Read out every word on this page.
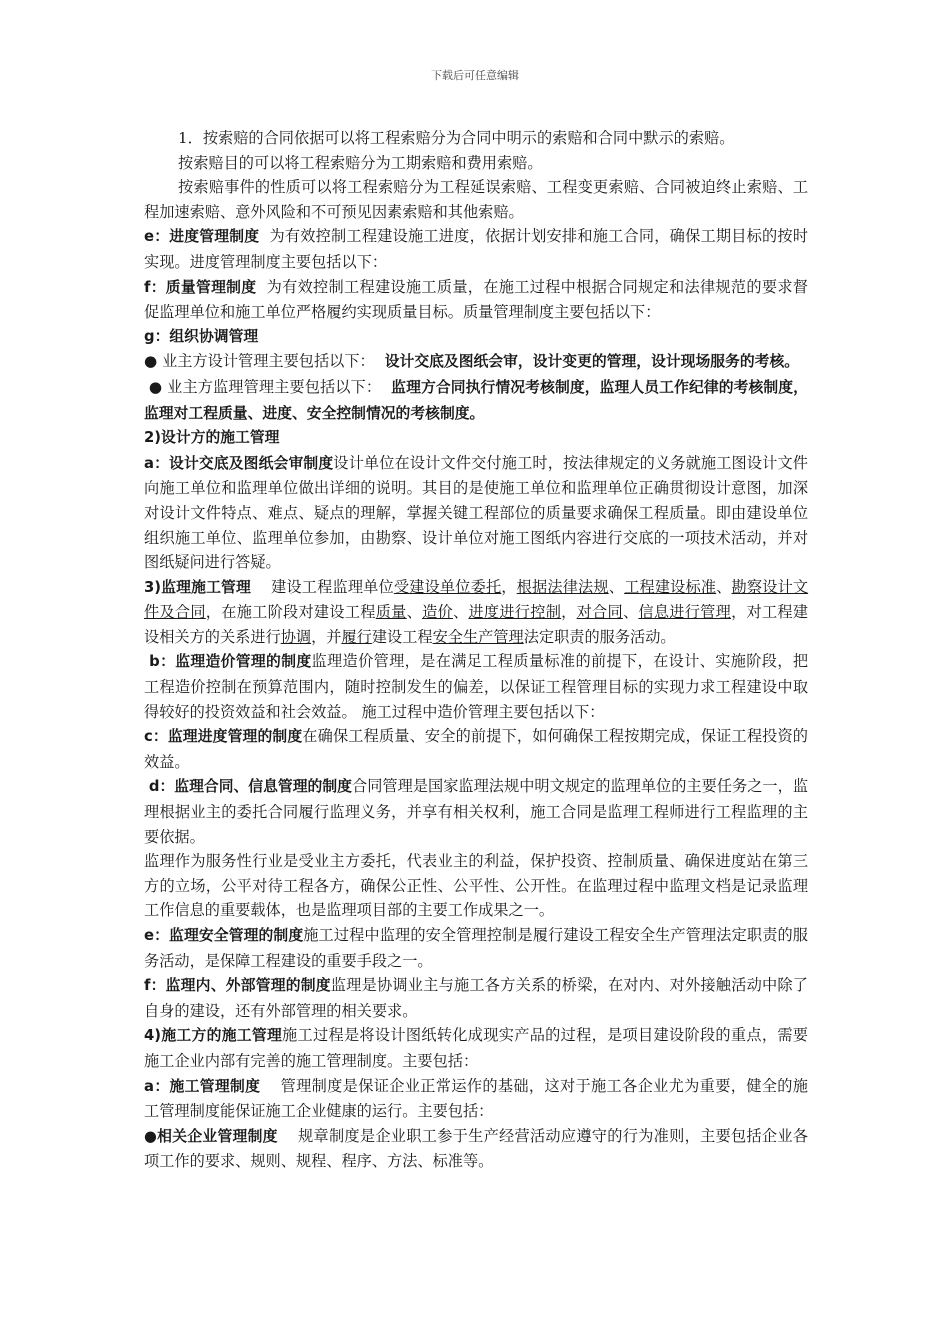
下载后可任意编辑

1．按索赔的合同依据可以将工程索赔分为合同中明示的索赔和合同中默示的索赔。

按索赔目的可以将工程索赔分为工期索赔和费用索赔。

按索赔事件的性质可以将工程索赔分为工程延误索赔、工程变更索赔、合同被迫终止索赔、工程加速索赔、意外风险和不可预见因素索赔和其他索赔。

e：进度管理制度 为有效控制工程建设施工进度，依据计划安排和施工合同，确保工期目标的按时实现。进度管理制度主要包括以下：

f：质量管理制度 为有效控制工程建设施工质量，在施工过程中根据合同规定和法律规范的要求督促监理单位和施工单位严格履约实现质量目标。质量管理制度主要包括以下：

g：组织协调管理

● 业主方设计管理主要包括以下： 设计交底及图纸会审，设计变更的管理，设计现场服务的考核。

● 业主方监理管理主要包括以下： 监理方合同执行情况考核制度，监理人员工作纪律的考核制度，监理对工程质量、进度、安全控制情况的考核制度。

2)设计方的施工管理

a：设计交底及图纸会审制度设计单位在设计文件交付施工时，按法律规定的义务就施工图设计文件向施工单位和监理单位做出详细的说明。其目的是使施工单位和监理单位正确贯彻设计意图，加深对设计文件特点、难点、疑点的理解，掌握关键工程部位的质量要求确保工程质量。即由建设单位组织施工单位、监理单位参加，由勘察、设计单位对施工图纸内容进行交底的一项技术活动，并对图纸疑问进行答疑。

3)监理施工管理 建设工程监理单位受建设单位委托，根据法律法规、工程建设标准、勘察设计文件及合同，在施工阶段对建设工程质量、造价、进度进行控制，对合同、信息进行管理，对工程建设相关方的关系进行协调，并履行建设工程安全生产管理法定职责的服务活动。

b：监理造价管理的制度监理造价管理，是在满足工程质量标准的前提下，在设计、实施阶段，把工程造价控制在预算范围内，随时控制发生的偏差，以保证工程管理目标的实现力求工程建设中取得较好的投资效益和社会效益。 施工过程中造价管理主要包括以下：

c：监理进度管理的制度在确保工程质量、安全的前提下，如何确保工程按期完成，保证工程投资的效益。

d：监理合同、信息管理的制度合同管理是国家监理法规中明文规定的监理单位的主要任务之一，监理根据业主的委托合同履行监理义务，并享有相关权利，施工合同是监理工程师进行工程监理的主要依据。

监理作为服务性行业是受业主方委托，代表业主的利益，保护投资、控制质量、确保进度站在第三方的立场，公平对待工程各方，确保公正性、公平性、公开性。在监理过程中监理文档是记录监理工作信息的重要载体，也是监理项目部的主要工作成果之一。

e：监理安全管理的制度施工过程中监理的安全管理控制是履行建设工程安全生产管理法定职责的服务活动，是保障工程建设的重要手段之一。

f：监理内、外部管理的制度监理是协调业主与施工各方关系的桥梁，在对内、对外接触活动中除了自身的建设，还有外部管理的相关要求。

4)施工方的施工管理施工过程是将设计图纸转化成现实产品的过程，是项目建设阶段的重点，需要施工企业内部有完善的施工管理制度。主要包括：

a：施工管理制度 管理制度是保证企业正常运作的基础，这对于施工各企业尤为重要，健全的施工管理制度能保证施工企业健康的运行。主要包括：

●相关企业管理制度 规章制度是企业职工参于生产经营活动应遵守的行为准则，主要包括企业各项工作的要求、规则、规程、程序、方法、标准等。
